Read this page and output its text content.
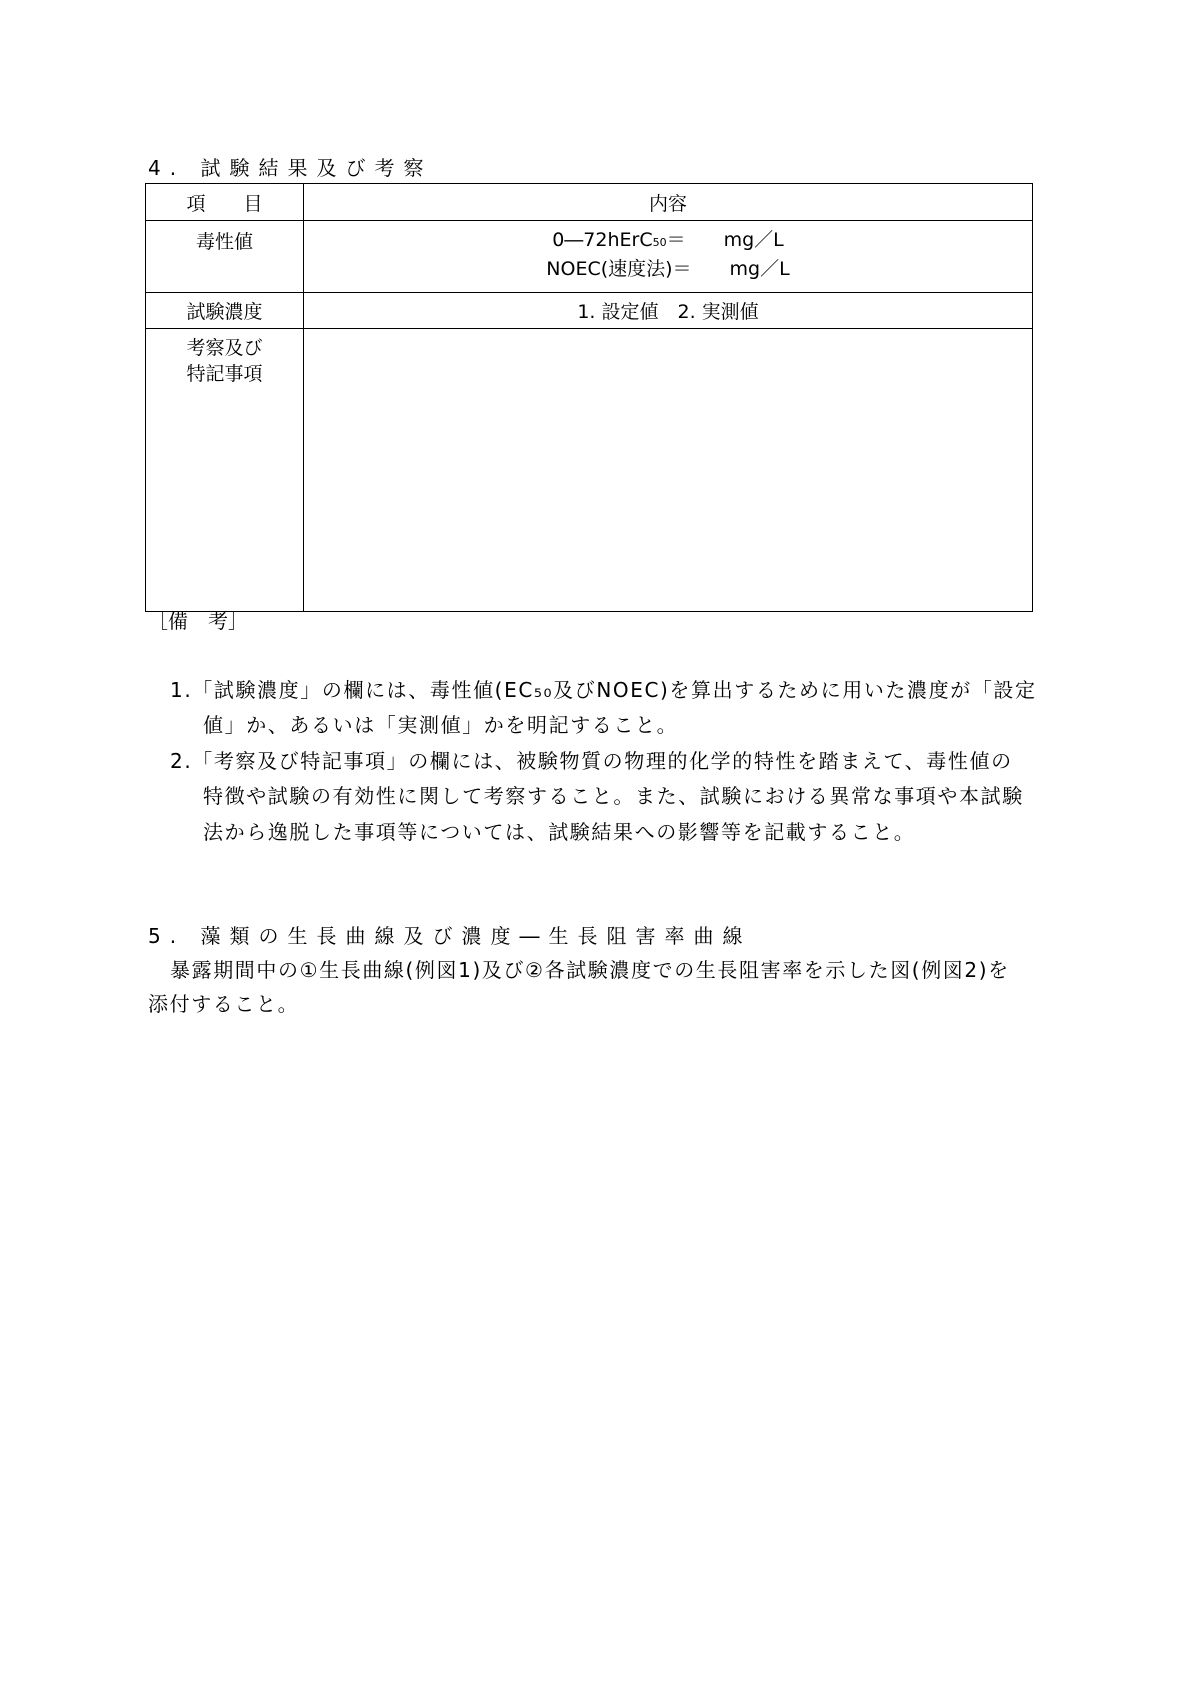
4. 試験結果及び考察
項　　目	内容
毒性値	0―72hErC50＝　　mg／L
NOEC(速度法)＝　　mg／L

試験濃度	1. 設定値　2. 実測値

考察及び
特記事項	

［備　考］
1.「試験濃度」の欄には、毒性値(EC₅₀及びNOEC)を算出するために用いた濃度が「設定
値」か、あるいは「実測値」かを明記すること。
2.「考察及び特記事項」の欄には、被験物質の物理的化学的特性を踏まえて、毒性値の
特徴や試験の有効性に関して考察すること。また、試験における異常な事項や本試験
法から逸脱した事項等については、試験結果への影響等を記載すること。
5. 藻類の生長曲線及び濃度―生長阻害率曲線
暴露期間中の①生長曲線(例図1)及び②各試験濃度での生長阻害率を示した図(例図2)を
添付すること。
